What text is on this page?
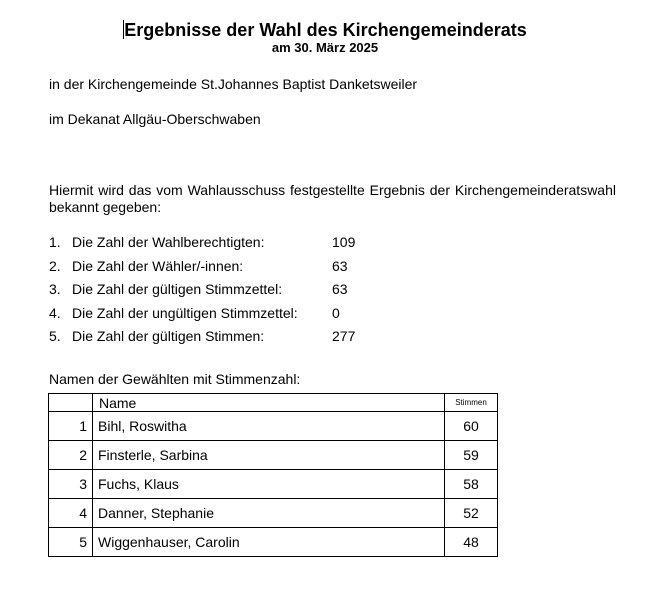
Ergebnisse der Wahl des Kirchengemeinderats
am 30. März 2025
in der Kirchengemeinde St.Johannes Baptist Danketsweiler
im Dekanat Allgäu-Oberschwaben
Hiermit wird das vom Wahlausschuss festgestellte Ergebnis der Kirchengemeinderatswahl bekannt gegeben:
1. Die Zahl der Wahlberechtigten:	109
2. Die Zahl der Wähler/-innen:	63
3. Die Zahl der gültigen Stimmzettel:	63
4. Die Zahl der ungültigen Stimmzettel: 0
5. Die Zahl der gültigen Stimmen:	277
Namen der Gewählten mit Stimmenzahl:
	Name	Stimmen
1	Bihl, Roswitha	60
2	Finsterle, Sarbina	59
3	Fuchs, Klaus	58
4	Danner, Stephanie	52
5	Wiggenhauser, Carolin	48
